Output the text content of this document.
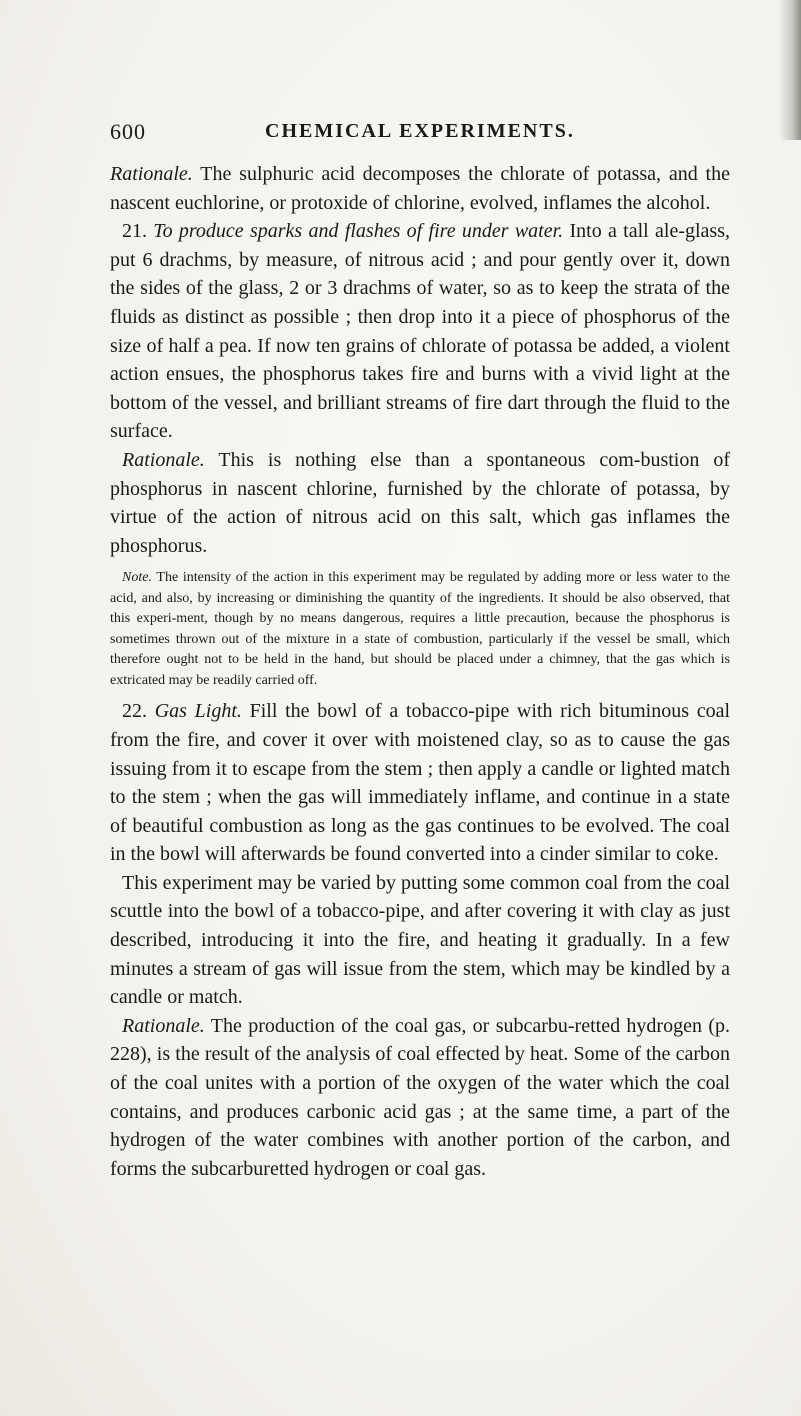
600	CHEMICAL EXPERIMENTS.

Rationale. The sulphuric acid decomposes the chlorate of potassa, and the nascent euchlorine, or protoxide of chlorine, evolved, inflames the alcohol.

21. To produce sparks and flashes of fire under water. Into a tall ale-glass, put 6 drachms, by measure, of nitrous acid ; and pour gently over it, down the sides of the glass, 2 or 3 drachms of water, so as to keep the strata of the fluids as distinct as possible ; then drop into it a piece of phosphorus of the size of half a pea. If now ten grains of chlorate of potassa be added, a violent action ensues, the phosphorus takes fire and burns with a vivid light at the bottom of the vessel, and brilliant streams of fire dart through the fluid to the surface.

Rationale. This is nothing else than a spontaneous com-bustion of phosphorus in nascent chlorine, furnished by the chlorate of potassa, by virtue of the action of nitrous acid on this salt, which gas inflames the phosphorus.

Note. The intensity of the action in this experiment may be regulated by adding more or less water to the acid, and also, by increasing or diminishing the quantity of the ingredients. It should be also observed, that this experi-ment, though by no means dangerous, requires a little precaution, because the phosphorus is sometimes thrown out of the mixture in a state of combustion, particularly if the vessel be small, which therefore ought not to be held in the hand, but should be placed under a chimney, that the gas which is extricated may be readily carried off.

22. Gas Light. Fill the bowl of a tobacco-pipe with rich bituminous coal from the fire, and cover it over with moistened clay, so as to cause the gas issuing from it to escape from the stem ; then apply a candle or lighted match to the stem ; when the gas will immediately inflame, and continue in a state of beautiful combustion as long as the gas continues to be evolved. The coal in the bowl will afterwards be found converted into a cinder similar to coke.

This experiment may be varied by putting some common coal from the coal scuttle into the bowl of a tobacco-pipe, and after covering it with clay as just described, introducing it into the fire, and heating it gradually. In a few minutes a stream of gas will issue from the stem, which may be kindled by a candle or match.

Rationale. The production of the coal gas, or subcarbu-retted hydrogen (p. 228), is the result of the analysis of coal effected by heat. Some of the carbon of the coal unites with a portion of the oxygen of the water which the coal contains, and produces carbonic acid gas ; at the same time, a part of the hydrogen of the water combines with another portion of the carbon, and forms the subcarburetted hydrogen or coal gas.
